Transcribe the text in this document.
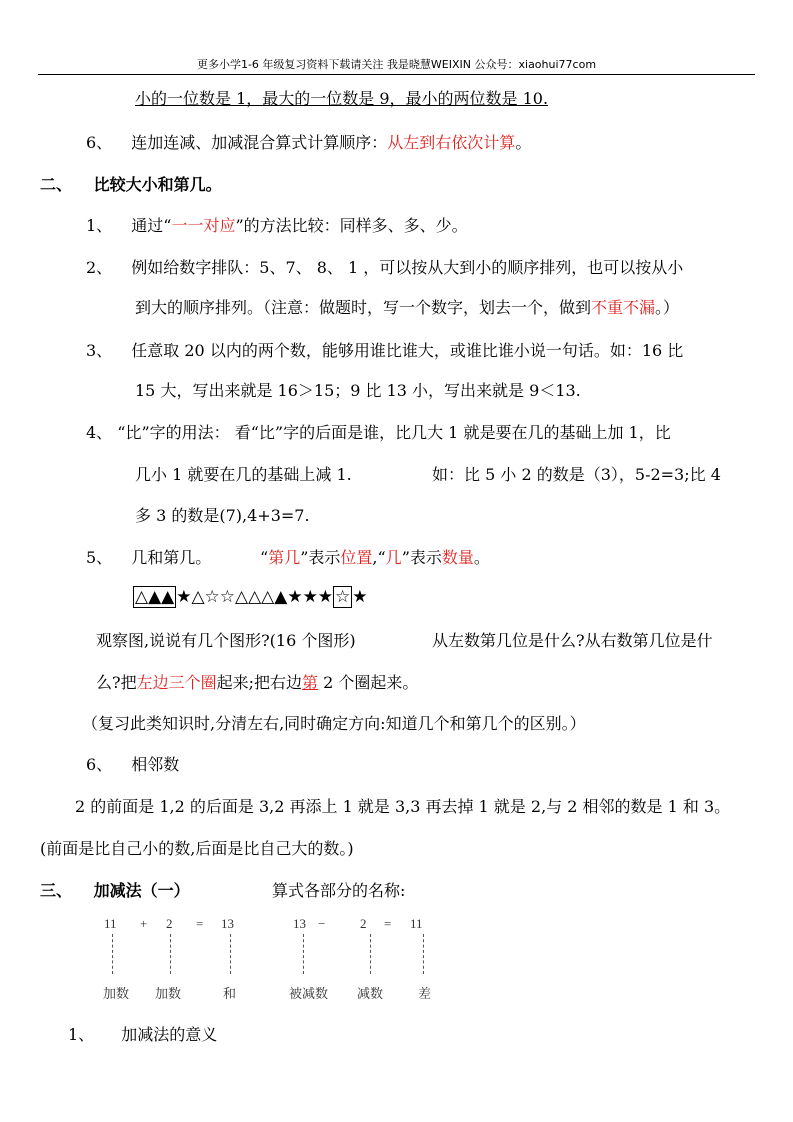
更多小学1-6 年级复习资料下载请关注 我是晓慧WEIXIN 公众号：xiaohui77com
小的一位数是 1，最大的一位数是 9，最小的两位数是 10.
6、 连加连减、加减混合算式计算顺序：从左到右依次计算。
二、 比较大小和第几。
1、 通过“一一对应”的方法比较：同样多、多、少。
2、 例如给数字排队：5、7、 8、 1 ，可以按从大到小的顺序排列，也可以按从小
到大的顺序排列。（注意：做题时，写一个数字，划去一个，做到不重不漏。）
3、 任意取 20 以内的两个数，能够用谁比谁大，或谁比谁小说一句话。如：16 比
15 大，写出来就是 16＞15；9 比 13 小，写出来就是 9＜13.
4、 “比”字的用法： 看“比”字的后面是谁，比几大 1 就是要在几的基础上加 1，比
几小 1 就要在几的基础上减 1.	如：比 5 小 2 的数是（3），5-2=3;比 4
多 3 的数是(7),4+3=7.
5、 几和第几。	“第几”表示位置,“几”表示数量。
△▲▲ ★△☆☆△△△▲★★★ ☆ ★
观察图,说说有几个图形?(16 个图形)	从左数第几位是什么?从右数第几位是什
么?把左边三个圈起来;把右边第 2 个圈起来。
（复习此类知识时,分清左右,同时确定方向:知道几个和第几个的区别。）
6、 相邻数
2 的前面是 1,2 的后面是 3,2 再添上 1 就是 3,3 再去掉 1 就是 2,与 2 相邻的数是 1 和 3。
(前面是比自己小的数,后面是比自己大的数。)
三、 加减法（一）	算式各部分的名称:
11 + 2 = 13
加数 加数	和
13 −	2 = 11
被减数 减数	差
1、 加减法的意义
